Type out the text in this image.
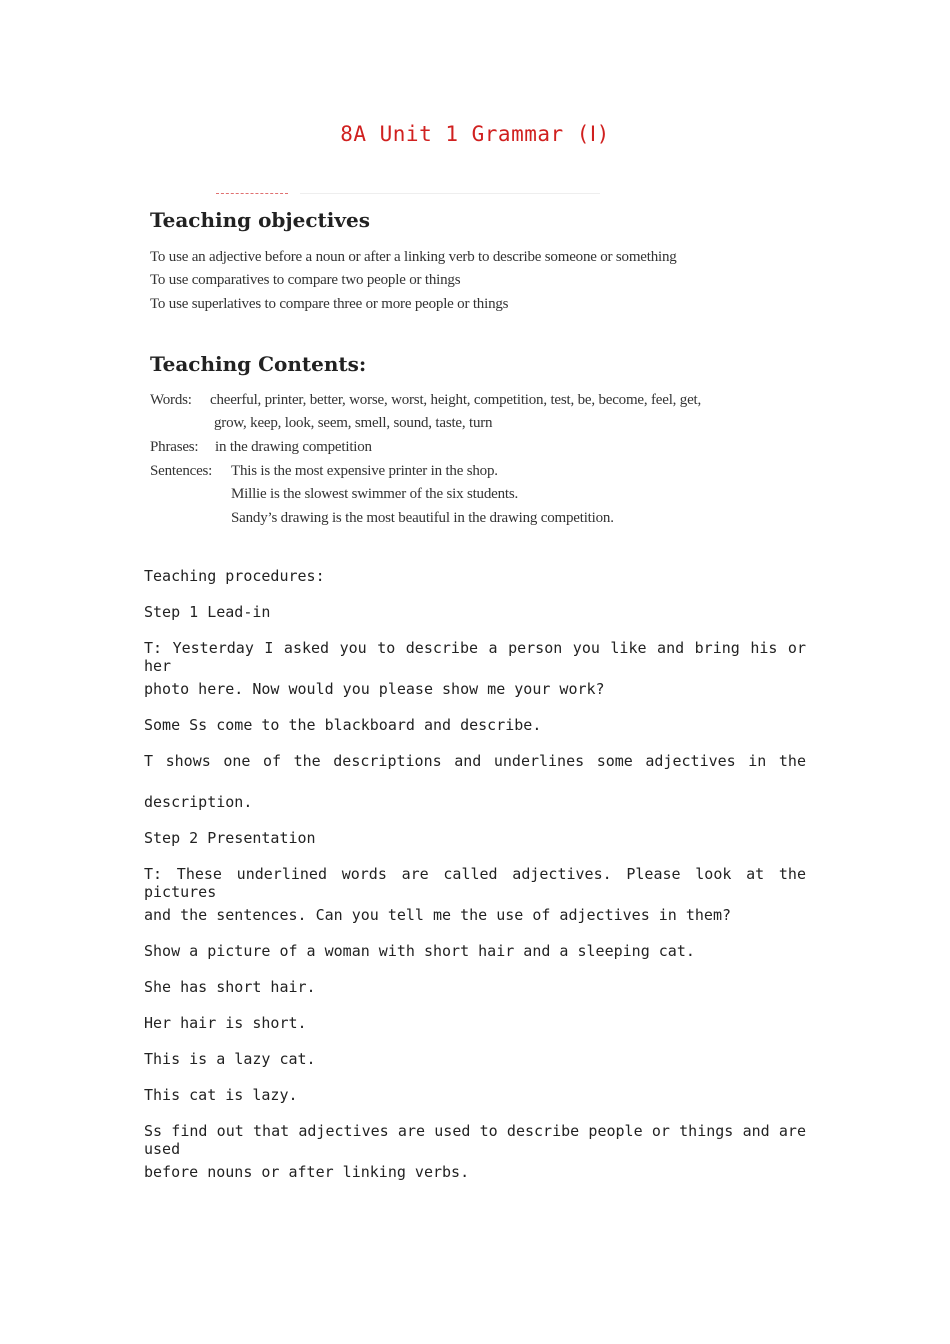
8A Unit 1 Grammar (Ⅰ)
Teaching objectives
To use an adjective before a noun or after a linking verb to describe someone or something
To use comparatives to compare two people or things
To use superlatives to compare three or more people or things
Teaching Contents:
Words: cheerful, printer, better, worse, worst, height, competition, test, be, become, feel, get,
grow, keep, look, seem, smell, sound, taste, turn
Phrases: in the drawing competition
Sentences: This is the most expensive printer in the shop.
Millie is the slowest swimmer of the six students.
Sandy’s drawing is the most beautiful in the drawing competition.
Teaching procedures:
Step 1 Lead-in
T: Yesterday I asked you to describe a person you like and bring his or her
photo here. Now would you please show me your work?
Some Ss come to the blackboard and describe.
T shows one of the descriptions and underlines some adjectives in the
description.
Step 2 Presentation
T: These underlined words are called adjectives. Please look at the pictures
and the sentences. Can you tell me the use of adjectives in them?
Show a picture of a woman with short hair and a sleeping cat.
She has short hair.
Her hair is short.
This is a lazy cat.
This cat is lazy.
Ss find out that adjectives are used to describe people or things and are used
before nouns or after linking verbs.
